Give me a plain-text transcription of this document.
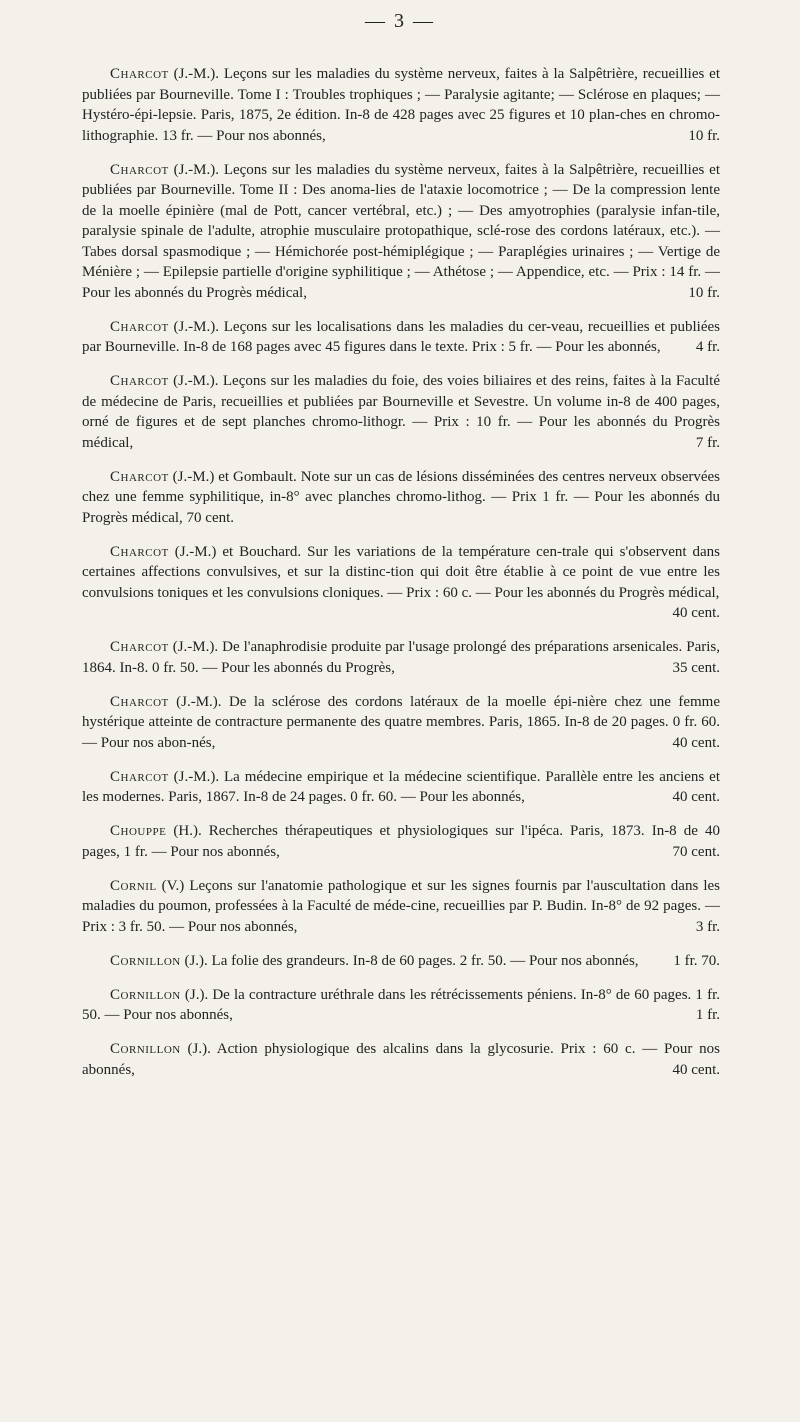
— 3 —

Charcot (J.-M.). Leçons sur les maladies du système nerveux, faites à la Salpêtrière, recueillies et publiées par Bourneville. Tome I : Troubles trophiques ; — Paralysie agitante; — Sclérose en plaques; — Hystéro-épi-lepsie. Paris, 1875, 2e édition. In-8 de 428 pages avec 25 figures et 10 plan-ches en chromo-lithographie. 13 fr. — Pour nos abonnés,	10 fr.

Charcot (J.-M.). Leçons sur les maladies du système nerveux, faites à la Salpêtrière, recueillies et publiées par Bourneville. Tome II : Des anoma-lies de l'ataxie locomotrice ; — De la compression lente de la moelle épinière (mal de Pott, cancer vertébral, etc.) ; — Des amyotrophies (paralysie infan-tile, paralysie spinale de l'adulte, atrophie musculaire protopathique, sclé-rose des cordons latéraux, etc.). — Tabes dorsal spasmodique ; — Hémichorée post-hémiplégique ; — Paraplégies urinaires ; — Vertige de Ménière ; — Epilepsie partielle d'origine syphilitique ; — Athétose ; — Appendice, etc. — Prix : 14 fr. — Pour les abonnés du Progrès médical,	10 fr.

Charcot (J.-M.). Leçons sur les localisations dans les maladies du cer-veau, recueillies et publiées par Bourneville. In-8 de 168 pages avec 45 figures dans le texte. Prix : 5 fr. — Pour les abonnés,	4 fr.

Charcot (J.-M.). Leçons sur les maladies du foie, des voies biliaires et des reins, faites à la Faculté de médecine de Paris, recueillies et publiées par Bourneville et Sevestre. Un volume in-8 de 400 pages, orné de figures et de sept planches chromo-lithogr. — Prix : 10 fr. — Pour les abonnés du Progrès médical,	7 fr.

Charcot (J.-M.) et Gombault. Note sur un cas de lésions disséminées des centres nerveux observées chez une femme syphilitique, in-8° avec planches chromo-lithog. — Prix 1 fr. — Pour les abonnés du Progrès médical, 70 cent.

Charcot (J.-M.) et Bouchard. Sur les variations de la température cen-trale qui s'observent dans certaines affections convulsives, et sur la distinc-tion qui doit être établie à ce point de vue entre les convulsions toniques et les convulsions cloniques. — Prix : 60 c. — Pour les abonnés du Progrès médical,
40 cent.

Charcot (J.-M.). De l'anaphrodisie produite par l'usage prolongé des préparations arsenicales. Paris, 1864. In-8. 0 fr. 50. — Pour les abonnés du Progrès,	35 cent.

Charcot (J.-M.). De la sclérose des cordons latéraux de la moelle épi-nière chez une femme hystérique atteinte de contracture permanente des quatre membres. Paris, 1865. In-8 de 20 pages. 0 fr. 60. — Pour nos abon-nés,	40 cent.

Charcot (J.-M.). La médecine empirique et la médecine scientifique. Parallèle entre les anciens et les modernes. Paris, 1867. In-8 de 24 pages. 0 fr. 60. — Pour les abonnés,	40 cent.

Chouppe (H.). Recherches thérapeutiques et physiologiques sur l'ipéca. Paris, 1873. In-8 de 40 pages, 1 fr. — Pour nos abonnés,	70 cent.

Cornil (V.) Leçons sur l'anatomie pathologique et sur les signes fournis par l'auscultation dans les maladies du poumon, professées à la Faculté de méde-cine, recueillies par P. Budin. In-8° de 92 pages. — Prix : 3 fr. 50. — Pour nos abonnés,	3 fr.

Cornillon (J.). La folie des grandeurs. In-8 de 60 pages. 2 fr. 50. — Pour nos abonnés,	1 fr. 70.

Cornillon (J.). De la contracture uréthrale dans les rétrécissements péniens. In-8° de 60 pages. 1 fr. 50. — Pour nos abonnés,	1 fr.

Cornillon (J.). Action physiologique des alcalins dans la glycosurie. Prix : 60 c. — Pour nos abonnés,	40 cent.
